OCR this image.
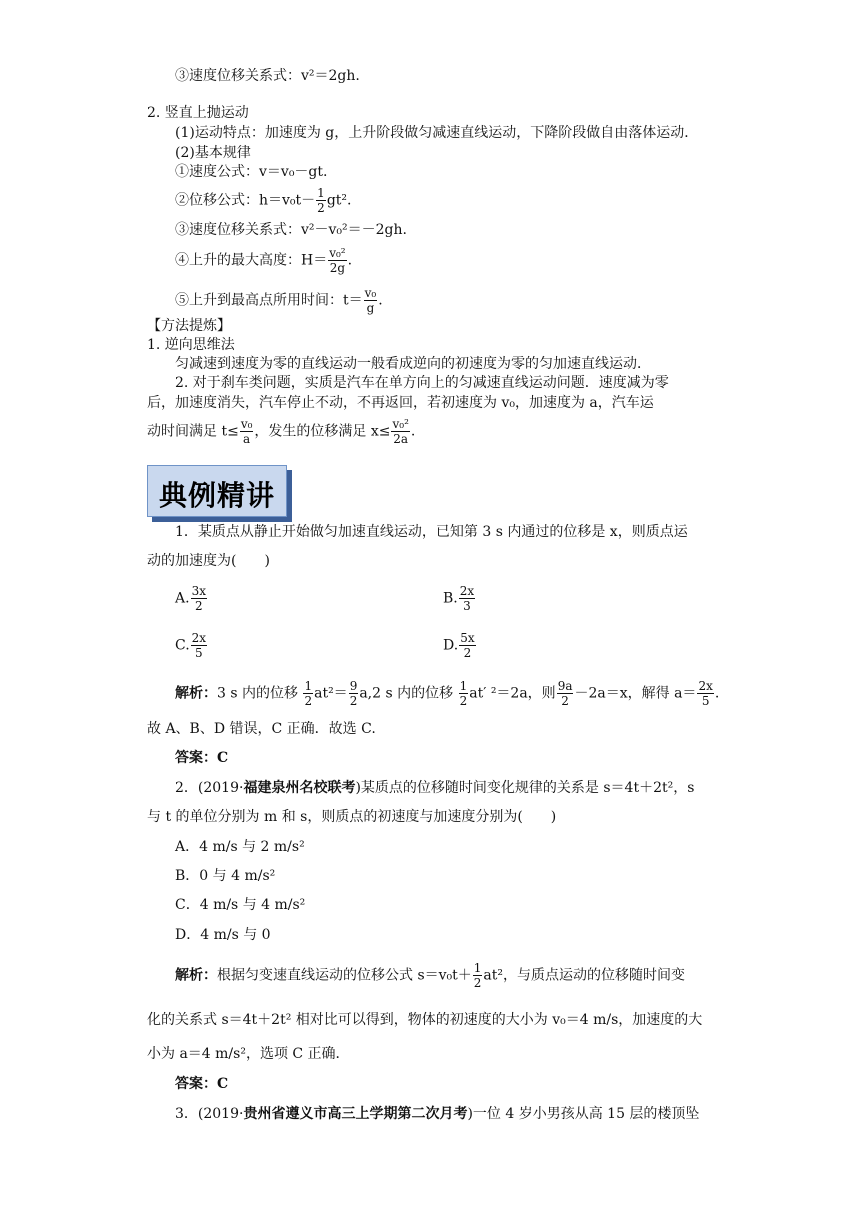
③速度位移关系式：v²＝2gh.
2. 竖直上抛运动
(1)运动特点：加速度为 g，上升阶段做匀减速直线运动，下降阶段做自由落体运动．
(2)基本规律
①速度公式：v＝v₀－gt.
②位移公式：$h=v_0t- \frac{1}{2} gt^2$.
③速度位移关系式：v²－v₀²＝－2gh.
④上升的最大高度：$H= \frac{\text{v₀²}}{2g}$ .
⑤上升到最高点所用时间：$t= \frac{\text{v₀}}{g}$ .
【方法提炼】
1. 逆向思维法
匀减速到速度为零的直线运动一般看成逆向的初速度为零的匀加速直线运动．
2. 对于刹车类问题，实质是汽车在单方向上的匀减速直线运动问题．速度减为零
后，加速度消失，汽车停止不动，不再返回，若初速度为 v₀，加速度为 a，汽车运
动时间满足 $t\le \frac{\text{v₀}}{a}$ ，发生的位移满足 $x\le \frac{\text{v₀²}}{2a}$ .
典例精讲
1．某质点从静止开始做匀加速直线运动，已知第 3 s 内通过的位移是 x，则质点运
动的加速度为(　　)
A. $\frac{3x}{2}$	B. $\frac{2x}{3}$
C. $\frac{2x}{5}$	D. $\frac{5x}{2}$
解析：3 s 内的位移 $\frac{1}{2} at^2= \frac{9}{2} a,2$ s 内的位移 $\frac{1}{2} at'$ ²＝2a，则 $\frac{9a}{2} -2a=x$，解得 $a= \frac{2x}{5}$ .
故 A、B、D 错误，C 正确．故选 C.
答案：C
2．(2019·福建泉州名校联考)某质点的位移随时间变化规律的关系是 s＝4t＋2t²，s
与 t 的单位分别为 m 和 s，则质点的初速度与加速度分别为(　　)
A．4 m/s 与 2 m/s²
B．0 与 4 m/s²
C．4 m/s 与 4 m/s²
D．4 m/s 与 0
解析：根据匀变速直线运动的位移公式 $s=v_0t+ \frac{1}{2} at^2$，与质点运动的位移随时间变
化的关系式 s＝4t＋2t² 相对比可以得到，物体的初速度的大小为 v₀＝4 m/s，加速度的大
小为 a＝4 m/s²，选项 C 正确．
答案：C
3．(2019·贵州省遵义市高三上学期第二次月考)一位 4 岁小男孩从高 15 层的楼顶坠
